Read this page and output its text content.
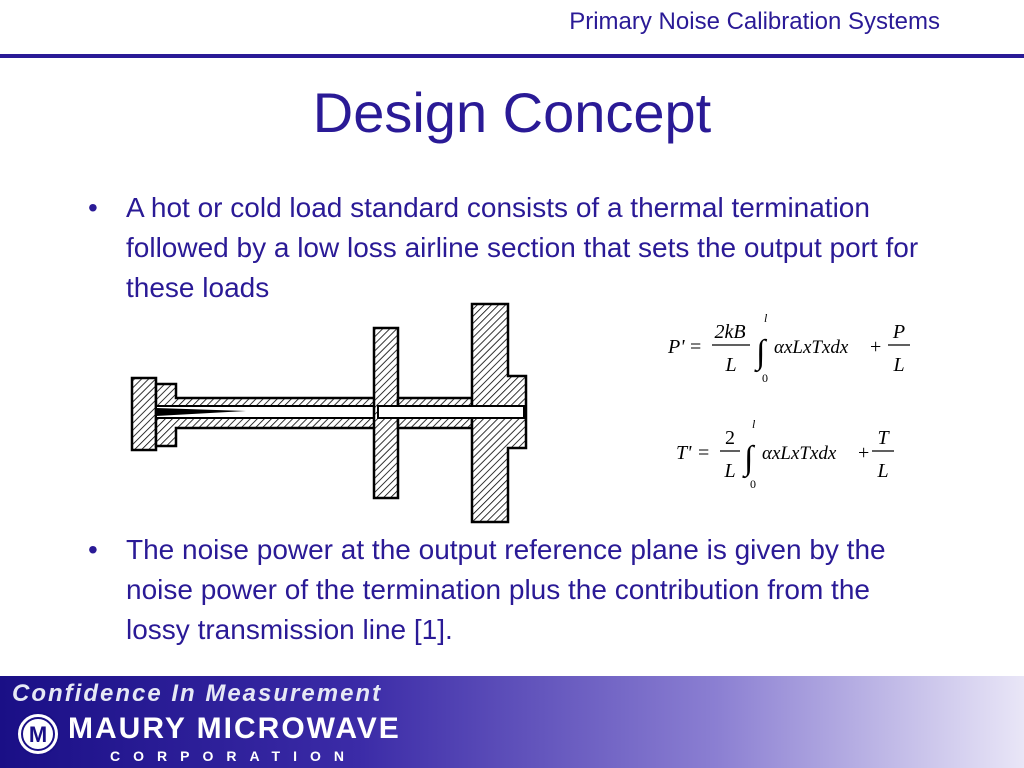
Primary Noise Calibration Systems
Design Concept
• A hot or cold load standard consists of a thermal termination followed by a low loss airline section that sets the output port for these loads
P' =
2kB
L ∫
l
0
αxLxTxdx +
P
L
T' =
2
L ∫
l
0
αxLxTxdx +
T
L
• The noise power at the output reference plane is given by the noise power of the termination plus the contribution from the lossy transmission line [1].
Confidence In Measurement
M MAURY MICROWAVE
CORPORATION
